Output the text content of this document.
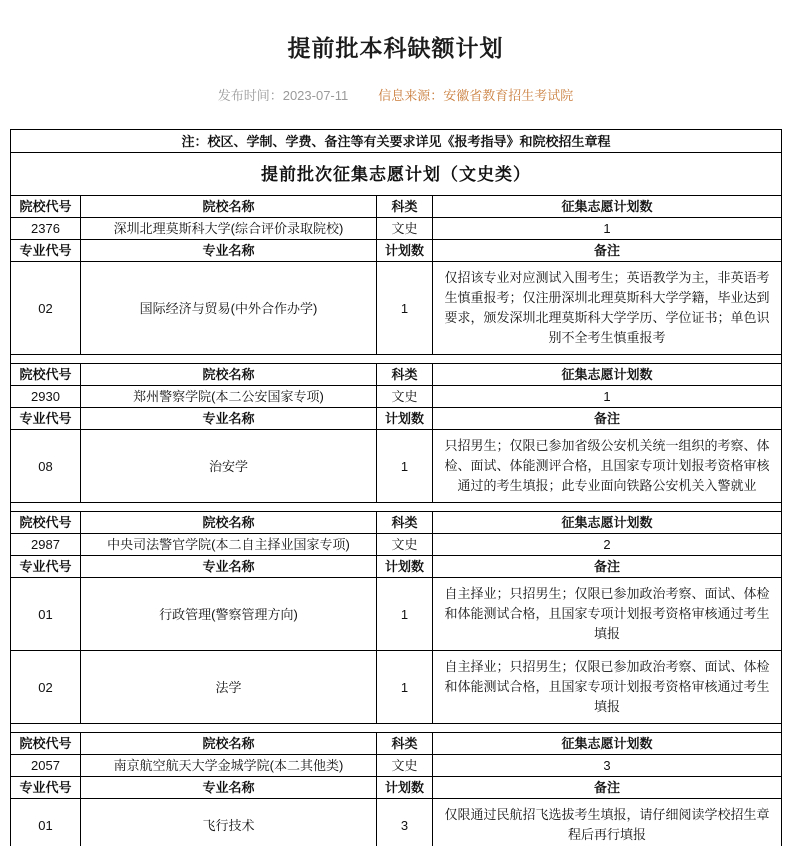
提前批本科缺额计划
发布时间：2023-07-11 信息来源：安徽省教育招生考试院
注：校区、学制、学费、备注等有关要求详见《报考指导》和院校招生章程			
提前批次征集志愿计划（文史类）			
院校代号	院校名称	科类	征集志愿计划数
2376	深圳北理莫斯科大学(综合评价录取院校)	文史	1
专业代号	专业名称	计划数	备注
02	国际经济与贸易(中外合作办学)	1	仅招该专业对应测试入围考生；英语教学为主，非英语考生慎重报考；仅注册深圳北理莫斯科大学学籍，毕业达到要求，颁发深圳北理莫斯科大学学历、学位证书；单色识别不全考生慎重报考

院校代号	院校名称	科类	征集志愿计划数
2930	郑州警察学院(本二公安国家专项)	文史	1
专业代号	专业名称	计划数	备注
08	治安学	1	只招男生；仅限已参加省级公安机关统一组织的考察、体检、面试、体能测评合格，且国家专项计划报考资格审核通过的考生填报；此专业面向铁路公安机关入警就业

院校代号	院校名称	科类	征集志愿计划数
2987	中央司法警官学院(本二自主择业国家专项)	文史	2
专业代号	专业名称	计划数	备注
01	行政管理(警察管理方向)	1	自主择业；只招男生；仅限已参加政治考察、面试、体检和体能测试合格，且国家专项计划报考资格审核通过考生填报
02	法学	1	自主择业；只招男生；仅限已参加政治考察、面试、体检和体能测试合格，且国家专项计划报考资格审核通过考生填报

院校代号	院校名称	科类	征集志愿计划数
2057	南京航空航天大学金城学院(本二其他类)	文史	3
专业代号	专业名称	计划数	备注
01	飞行技术	3	仅限通过民航招飞选拔考生填报，请仔细阅读学校招生章程后再行填报
